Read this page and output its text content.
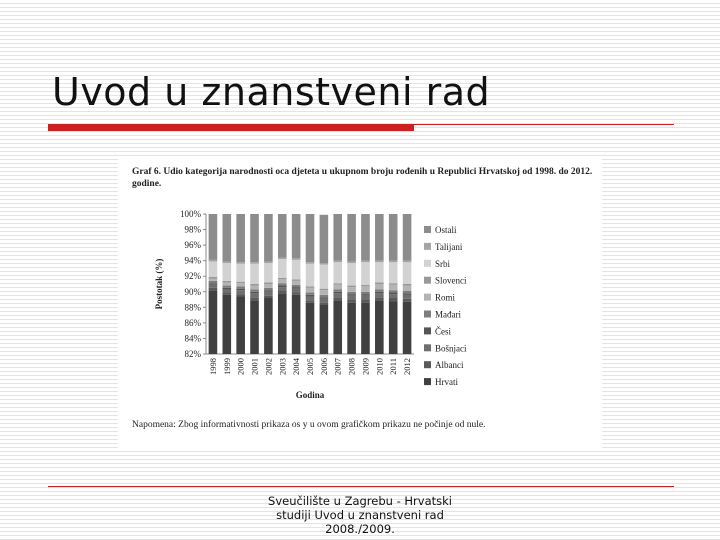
Uvod u znanstveni rad
Graf 6. Udio kategorija narodnosti oca djeteta u ukupnom broju rođenih u Republici Hrvatskoj od 1998. do 2012. godine.
82%
84%
86%
88%
90%
92%
94%
96%
98%
100%
1998 1999 2000 2001 2002 2003 2004 2005 2006 2007 2008 2009 2010 2011 2012
Godina
Postotak (%)
Ostali
Talijani
Srbi
Slovenci
Romi
Mađari
Česi
Bošnjaci
Albanci
Hrvati
Napomena: Zbog informativnosti prikaza os y u ovom grafičkom prikazu ne počinje od nule.
Sveučilište u Zagrebu - Hrvatski
studiji Uvod u znanstveni rad
2008./2009.
